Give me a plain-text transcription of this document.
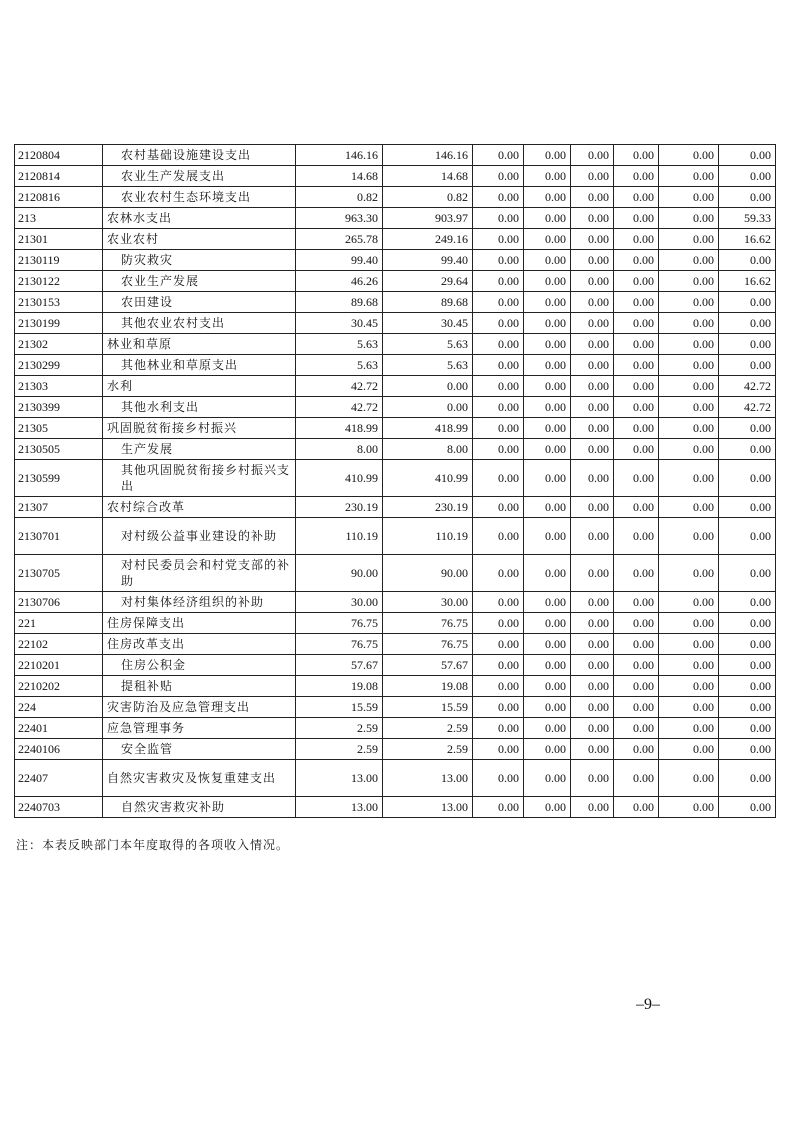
2120804	农村基础设施建设支出	146.16	146.16	0.00	0.00	0.00	0.00	0.00	0.00
2120814	农业生产发展支出	14.68	14.68	0.00	0.00	0.00	0.00	0.00	0.00
2120816	农业农村生态环境支出	0.82	0.82	0.00	0.00	0.00	0.00	0.00	0.00
213	农林水支出	963.30	903.97	0.00	0.00	0.00	0.00	0.00	59.33
21301	农业农村	265.78	249.16	0.00	0.00	0.00	0.00	0.00	16.62
2130119	防灾救灾	99.40	99.40	0.00	0.00	0.00	0.00	0.00	0.00
2130122	农业生产发展	46.26	29.64	0.00	0.00	0.00	0.00	0.00	16.62
2130153	农田建设	89.68	89.68	0.00	0.00	0.00	0.00	0.00	0.00
2130199	其他农业农村支出	30.45	30.45	0.00	0.00	0.00	0.00	0.00	0.00
21302	林业和草原	5.63	5.63	0.00	0.00	0.00	0.00	0.00	0.00
2130299	其他林业和草原支出	5.63	5.63	0.00	0.00	0.00	0.00	0.00	0.00
21303	水利	42.72	0.00	0.00	0.00	0.00	0.00	0.00	42.72
2130399	其他水利支出	42.72	0.00	0.00	0.00	0.00	0.00	0.00	42.72
21305	巩固脱贫衔接乡村振兴	418.99	418.99	0.00	0.00	0.00	0.00	0.00	0.00
2130505	生产发展	8.00	8.00	0.00	0.00	0.00	0.00	0.00	0.00
2130599	其他巩固脱贫衔接乡村振兴支出	410.99	410.99	0.00	0.00	0.00	0.00	0.00	0.00
21307	农村综合改革	230.19	230.19	0.00	0.00	0.00	0.00	0.00	0.00
2130701	对村级公益事业建设的补助	110.19	110.19	0.00	0.00	0.00	0.00	0.00	0.00
2130705	对村民委员会和村党支部的补助	90.00	90.00	0.00	0.00	0.00	0.00	0.00	0.00
2130706	对村集体经济组织的补助	30.00	30.00	0.00	0.00	0.00	0.00	0.00	0.00
221	住房保障支出	76.75	76.75	0.00	0.00	0.00	0.00	0.00	0.00
22102	住房改革支出	76.75	76.75	0.00	0.00	0.00	0.00	0.00	0.00
2210201	住房公积金	57.67	57.67	0.00	0.00	0.00	0.00	0.00	0.00
2210202	提租补贴	19.08	19.08	0.00	0.00	0.00	0.00	0.00	0.00
224	灾害防治及应急管理支出	15.59	15.59	0.00	0.00	0.00	0.00	0.00	0.00
22401	应急管理事务	2.59	2.59	0.00	0.00	0.00	0.00	0.00	0.00
2240106	安全监管	2.59	2.59	0.00	0.00	0.00	0.00	0.00	0.00
22407	自然灾害救灾及恢复重建支出	13.00	13.00	0.00	0.00	0.00	0.00	0.00	0.00
2240703	自然灾害救灾补助	13.00	13.00	0.00	0.00	0.00	0.00	0.00	0.00
注：本表反映部门本年度取得的各项收入情况。
–9–
